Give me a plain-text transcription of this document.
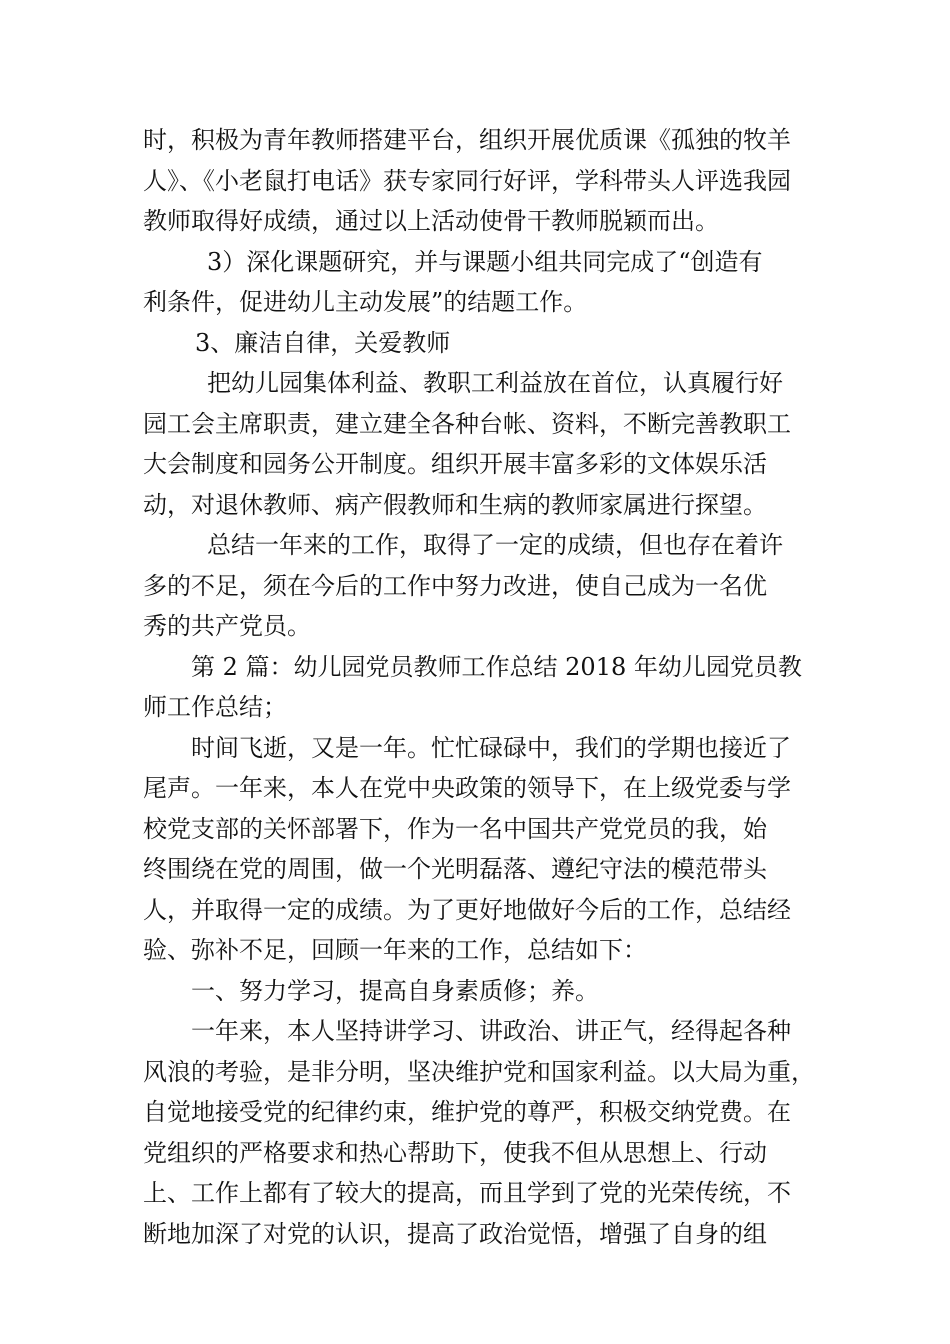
时，积极为青年教师搭建平台，组织开展优质课《孤独的牧羊
人》、《小老鼠打电话》获专家同行好评，学科带头人评选我园
教师取得好成绩，通过以上活动使骨干教师脱颖而出。
3）深化课题研究，并与课题小组共同完成了“创造有
利条件，促进幼儿主动发展”的结题工作。
3、廉洁自律，关爱教师
把幼儿园集体利益、教职工利益放在首位，认真履行好
园工会主席职责，建立建全各种台帐、资料，不断完善教职工
大会制度和园务公开制度。组织开展丰富多彩的文体娱乐活
动，对退休教师、病产假教师和生病的教师家属进行探望。
总结一年来的工作，取得了一定的成绩，但也存在着许
多的不足，须在今后的工作中努力改进，使自己成为一名优
秀的共产党员。
第 2 篇：幼儿园党员教师工作总结 2018 年幼儿园党员教
师工作总结；
时间飞逝，又是一年。忙忙碌碌中，我们的学期也接近了
尾声。一年来，本人在党中央政策的领导下，在上级党委与学
校党支部的关怀部署下，作为一名中国共产党党员的我，始
终围绕在党的周围，做一个光明磊落、遵纪守法的模范带头
人，并取得一定的成绩。为了更好地做好今后的工作，总结经
验、弥补不足，回顾一年来的工作，总结如下：
一、努力学习，提高自身素质修；养。
一年来，本人坚持讲学习、讲政治、讲正气，经得起各种
风浪的考验，是非分明，坚决维护党和国家利益。以大局为重，
自觉地接受党的纪律约束，维护党的尊严，积极交纳党费。在
党组织的严格要求和热心帮助下，使我不但从思想上、行动
上、工作上都有了较大的提高，而且学到了党的光荣传统，不
断地加深了对党的认识，提高了政治觉悟，增强了自身的组
